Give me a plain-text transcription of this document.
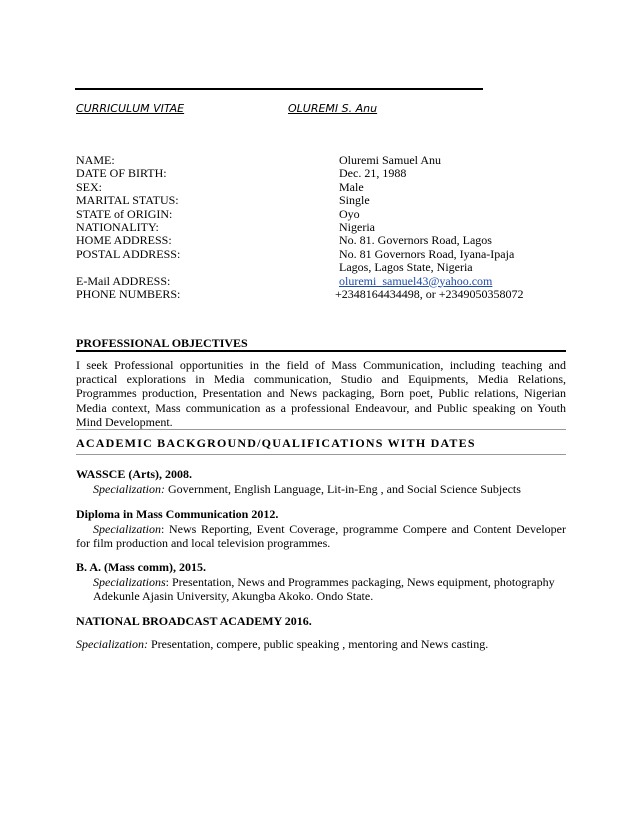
CURRICULUM VITAE	OLUREMI S. Anu
NAME:	Oluremi Samuel Anu
DATE OF BIRTH:	Dec. 21, 1988
SEX:	Male
MARITAL STATUS:	Single
STATE of ORIGIN:	Oyo
NATIONALITY:	Nigeria
HOME ADDRESS:	No. 81. Governors Road, Lagos
POSTAL ADDRESS:	No. 81 Governors Road, Iyana-Ipaja
Lagos, Lagos State, Nigeria
E-Mail ADDRESS:	oluremi_samuel43@yahoo.com
PHONE NUMBERS:	+2348164434498, or +2349050358072
PROFESSIONAL OBJECTIVES
I seek Professional opportunities in the field of Mass Communication, including teaching and practical explorations in Media communication, Studio and Equipments, Media Relations, Programmes production, Presentation and News packaging, Born poet, Public relations, Nigerian Media context, Mass communication as a professional Endeavour, and Public speaking on Youth Mind Development.
ACADEMIC BACKGROUND/QUALIFICATIONS WITH DATES
WASSCE (Arts), 2008.
Specialization: Government, English Language, Lit-in-Eng , and Social Science Subjects
Diploma in Mass Communication 2012.
Specialization: News Reporting, Event Coverage, programme Compere and Content Developer for film production and local television programmes.
B. A. (Mass comm), 2015.
Specializations: Presentation, News and Programmes packaging, News equipment, photography
Adekunle Ajasin University, Akungba Akoko. Ondo State.
NATIONAL BROADCAST ACADEMY 2016.
Specialization: Presentation, compere, public speaking , mentoring and News casting.
